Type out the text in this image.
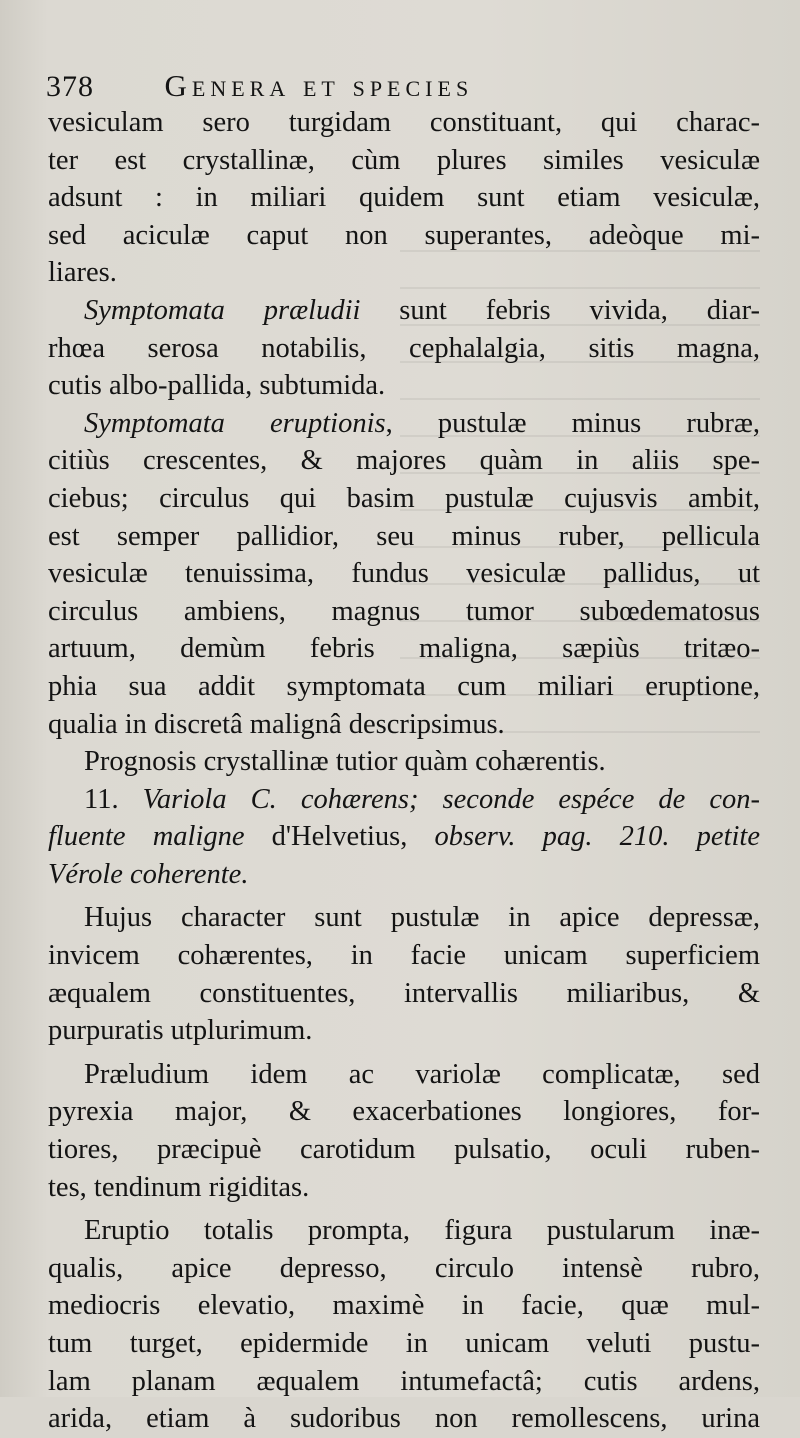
378 Genera et species
vesiculam sero turgidam constituant, qui charac-
ter est crystallinæ, cùm plures similes vesiculæ
adsunt : in miliari quidem sunt etiam vesiculæ,
sed aciculæ caput non superantes, adeòque mi-
liares.
Symptomata præludii sunt febris vivida, diar-
rhœa serosa notabilis, cephalalgia, sitis magna,
cutis albo-pallida, subtumida.
Symptomata eruptionis, pustulæ minus rubræ,
citiùs crescentes, & majores quàm in aliis spe-
ciebus; circulus qui basim pustulæ cujusvis ambit,
est semper pallidior, seu minus ruber, pellicula
vesiculæ tenuissima, fundus vesiculæ pallidus, ut
circulus ambiens, magnus tumor subœdematosus
artuum, demùm febris maligna, sæpiùs tritæo-
phia sua addit symptomata cum miliari eruptione,
qualia in discretâ malignâ descripsimus.
Prognosis crystallinæ tutior quàm cohærentis.
11. Variola C. cohærens; seconde espéce de con-
fluente maligne d'Helvetius, observ. pag. 210. petite
Vérole coherente.
Hujus character sunt pustulæ in apice depressæ,
invicem cohærentes, in facie unicam superficiem
æqualem constituentes, intervallis miliaribus, &
purpuratis utplurimum.
Præludium idem ac variolæ complicatæ, sed
pyrexia major, & exacerbationes longiores, for-
tiores, præcipuè carotidum pulsatio, oculi ruben-
tes, tendinum rigiditas.
Eruptio totalis prompta, figura pustularum inæ-
qualis, apice depresso, circulo intensè rubro,
mediocris elevatio, maximè in facie, quæ mul-
tum turget, epidermide in unicam veluti pustu-
lam planam æqualem intumefactâ; cutis ardens,
arida, etiam à sudoribus non remollescens, urina
